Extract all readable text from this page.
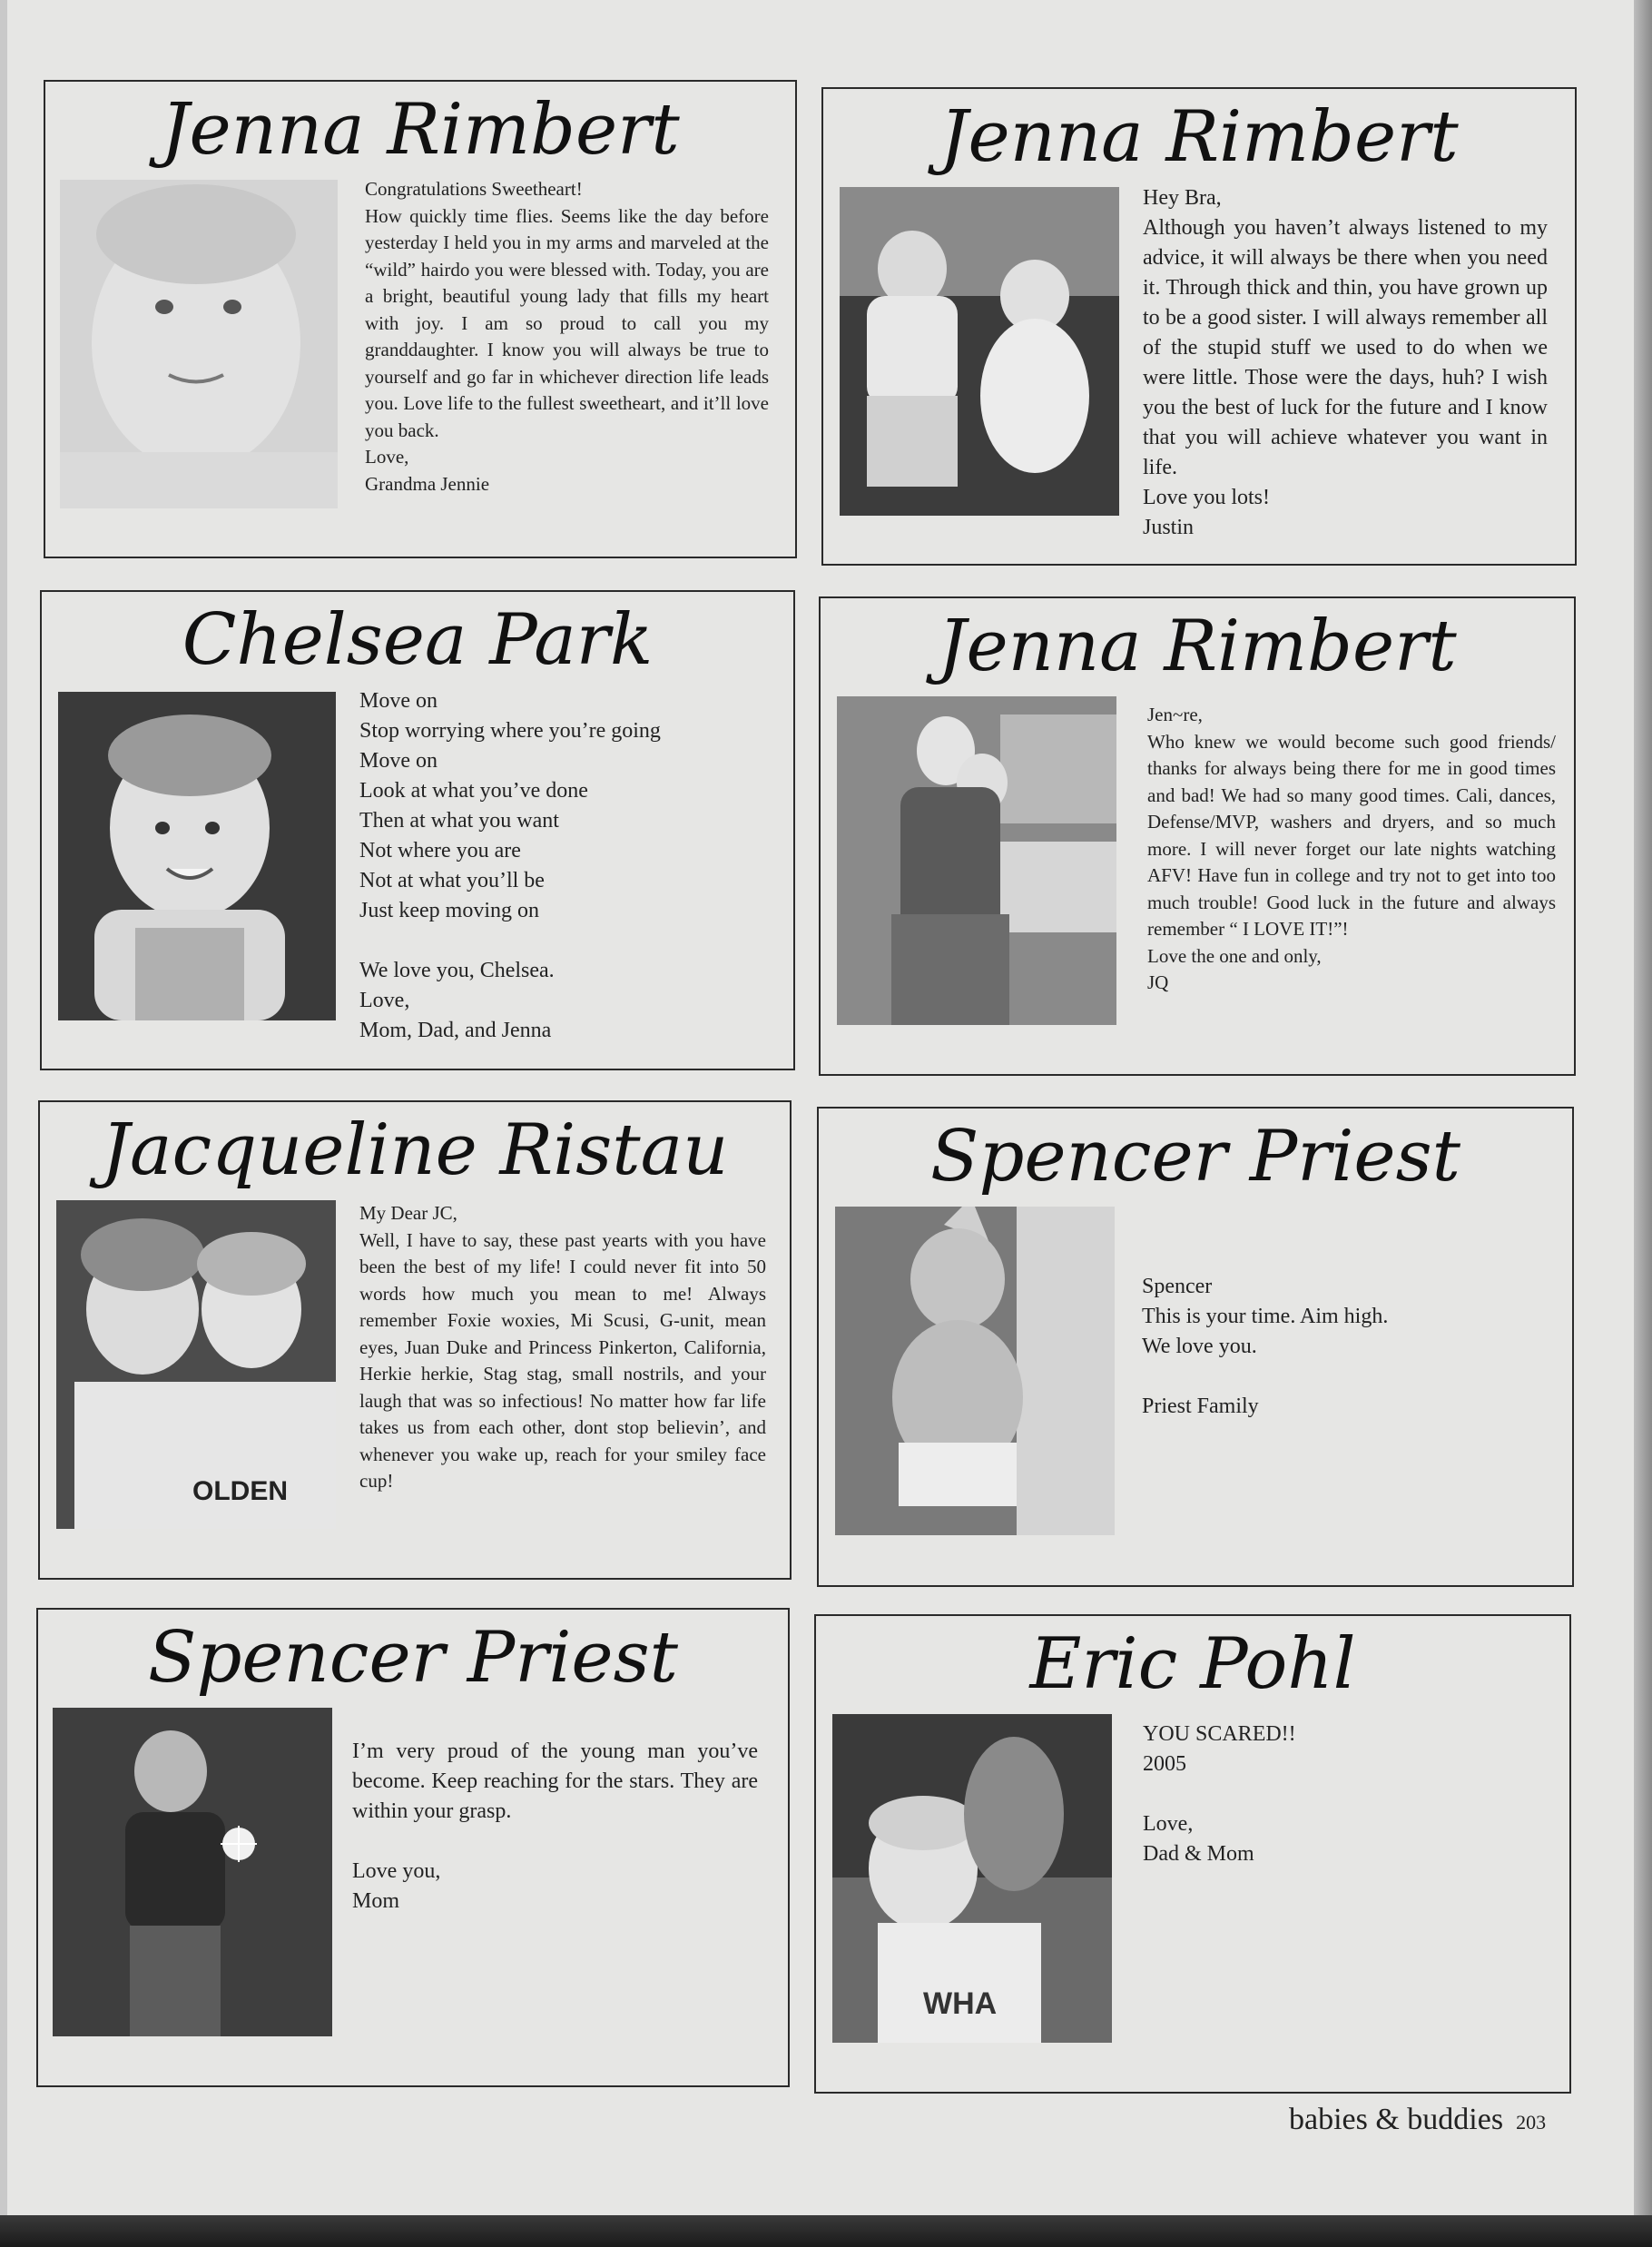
Jenna Rimbert
Congratulations Sweetheart!
How quickly time flies. Seems like the day before yesterday I held you in my arms and marveled at the “wild” hairdo you were blessed with. Today, you are a bright, beautiful young lady that fills my heart with joy. I am so proud to call you my granddaughter. I know you will always be true to yourself and go far in whichever direction life leads you. Love life to the fullest sweetheart, and it’ll love you back.
Love,
Grandma Jennie
Jenna Rimbert
Hey Bra,
Although you haven’t always listened to my advice, it will always be there when you need it. Through thick and thin, you have grown up to be a good sister. I will always remember all of the stupid stuff we used to do when we were little. Those were the days, huh? I wish you the best of luck for the future and I know that you will achieve whatever you want in life.
Love you lots!
Justin
Chelsea Park
Move on
Stop worrying where you’re going
Move on
Look at what you’ve done
Then at what you want
Not where you are
Not at what you’ll be
Just keep moving on

We love you, Chelsea.
Love,
Mom, Dad, and Jenna
Jenna Rimbert
Jen~re,
Who knew we would become such good friends/ thanks for always being there for me in good times and bad! We had so many good times. Cali, dances, Defense/MVP, washers and dryers, and so much more. I will never forget our late nights watching AFV! Have fun in college and try not to get into too much trouble! Good luck in the future and always remember “ I LOVE IT!”!
Love the one and only,
JQ
Jacqueline Ristau
OLDEN
My Dear JC,
Well, I have to say, these past yearts with you have been the best of my life! I could never fit into 50 words how much you mean to me! Always remember Foxie woxies, Mi Scusi, G-unit, mean eyes, Juan Duke and Princess Pinkerton, California, Herkie herkie, Stag stag, small nostrils, and your laugh that was so infectious! No matter how far life takes us from each other, dont stop believin’, and whenever you wake up, reach for your smiley face cup!
Spencer Priest
Spencer
This is your time. Aim high.
We love you.

Priest Family
Spencer Priest
I’m very proud of the young man you’ve become. Keep reaching for the stars. They are within your grasp.

Love you,
Mom
Eric Pohl
WHA
YOU SCARED!!
2005

Love,
Dad & Mom
babies & buddies 203
